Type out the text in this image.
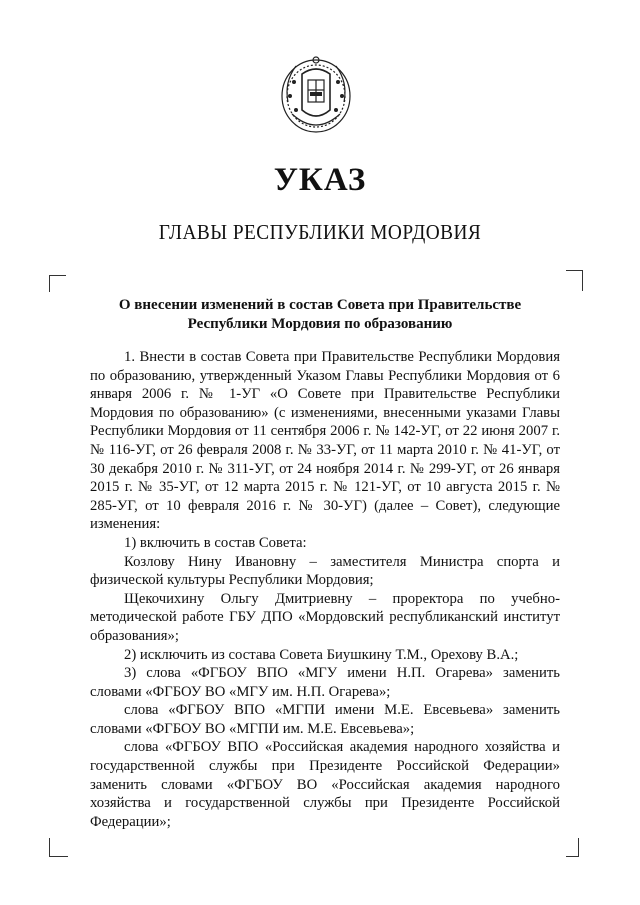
УКАЗ
ГЛАВЫ РЕСПУБЛИКИ МОРДОВИЯ
О внесении изменений в состав Совета при Правительстве
Республики Мордовия по образованию

1. Внести в состав Совета при Правительстве Республики Мордовия по образованию, утвержденный Указом Главы Республики Мордовия от 6 января 2006 г. № 1-УГ «О Совете при Правительстве Республики Мордовия по образованию» (с изменениями, внесенными указами Главы Республики Мордовия от 11 сентября 2006 г. № 142-УГ, от 22 июня 2007 г. № 116-УГ, от 26 февраля 2008 г. № 33-УГ, от 11 марта 2010 г. № 41-УГ, от 30 декабря 2010 г. № 311-УГ, от 24 ноября 2014 г. № 299-УГ, от 26 января 2015 г. № 35-УГ, от 12 марта 2015 г. № 121-УГ, от 10 августа 2015 г. № 285-УГ, от 10 февраля 2016 г. № 30-УГ) (далее – Совет), следующие изменения:

1) включить в состав Совета:

Козлову Нину Ивановну – заместителя Министра спорта и физической культуры Республики Мордовия;

Щекочихину Ольгу Дмитриевну – проректора по учебно-методической работе ГБУ ДПО «Мордовский республиканский институт образования»;

2) исключить из состава Совета Биушкину Т.М., Орехову В.А.;

3) слова «ФГБОУ ВПО «МГУ имени Н.П. Огарева» заменить словами «ФГБОУ ВО «МГУ им. Н.П. Огарева»;

слова «ФГБОУ ВПО «МГПИ имени М.Е. Евсевьева» заменить словами «ФГБОУ ВО «МГПИ им. М.Е. Евсевьева»;

слова «ФГБОУ ВПО «Российская академия народного хозяйства и государственной службы при Президенте Российской Федерации» заменить словами «ФГБОУ ВО «Российская академия народного хозяйства и государственной службы при Президенте Российской Федерации»;
